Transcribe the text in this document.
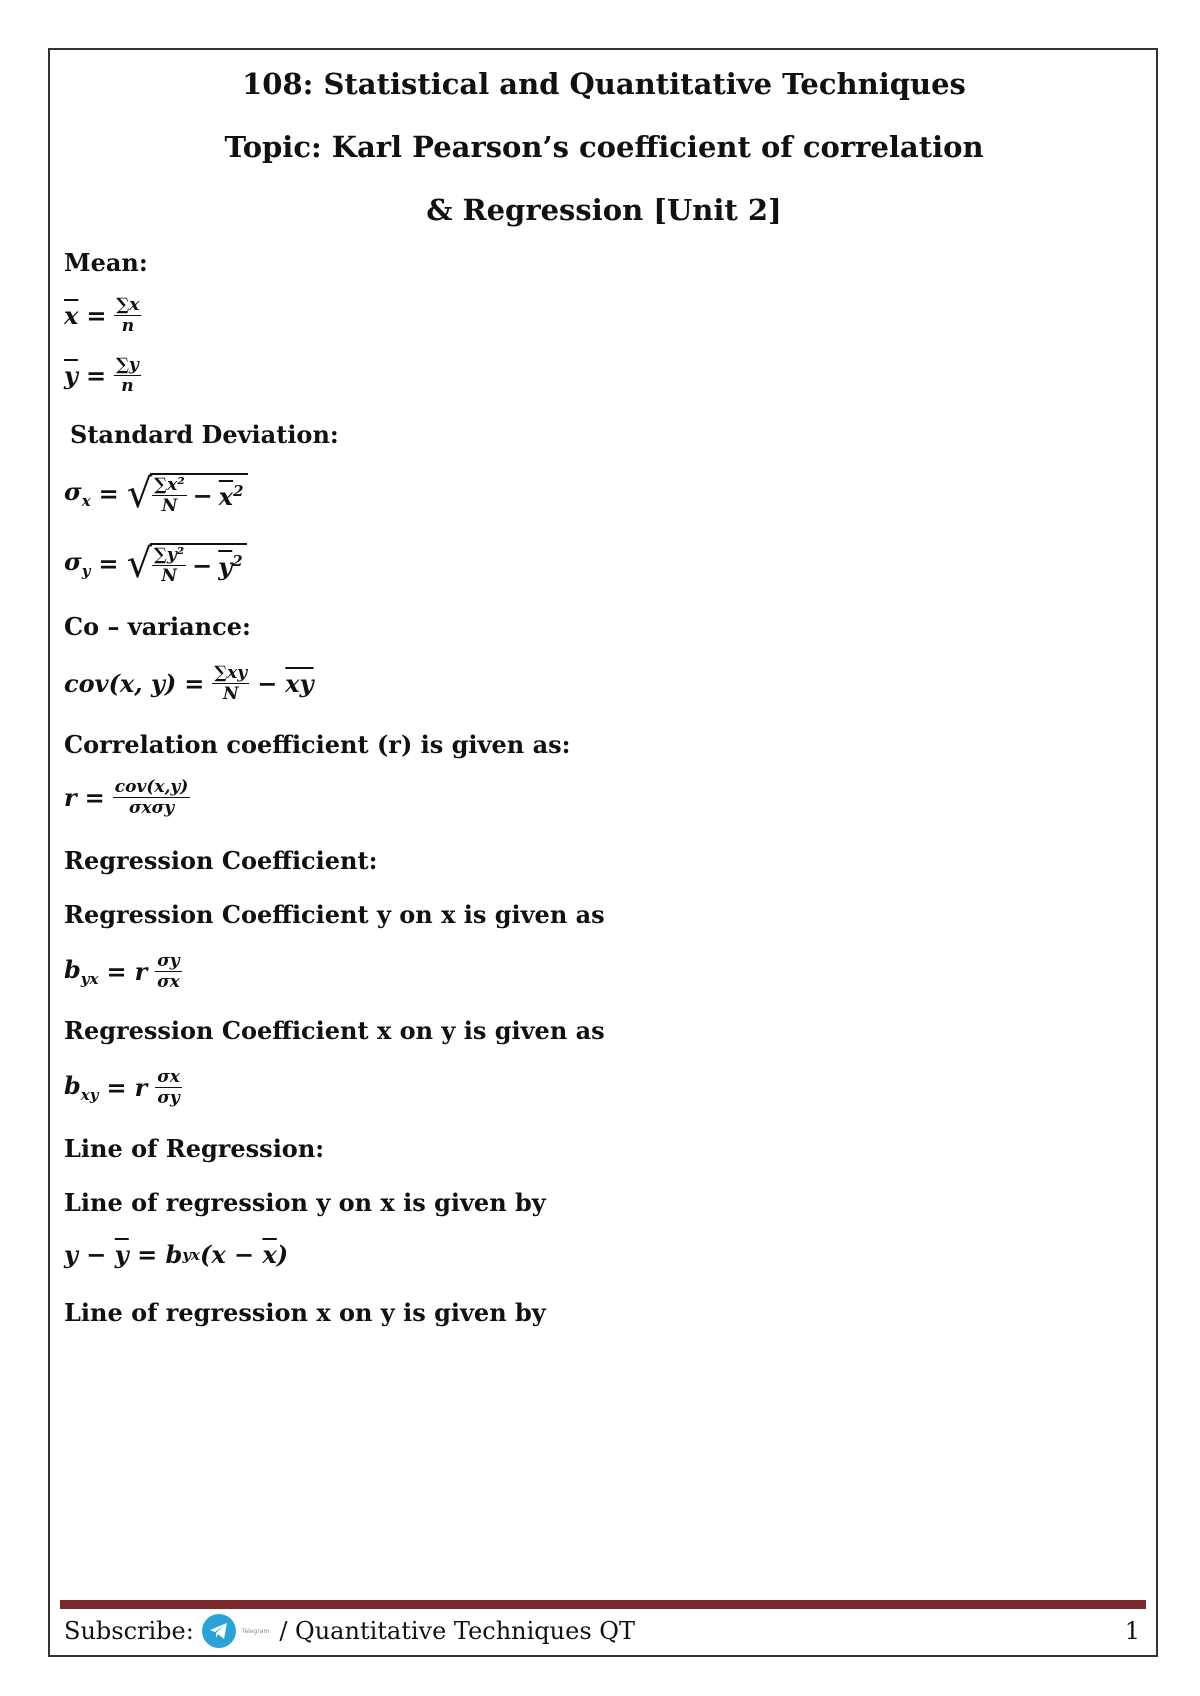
108: Statistical and Quantitative Techniques

Topic: Karl Pearson’s coefficient of correlation

& Regression [Unit 2]

Mean:

$\overline{x} = \frac{\sum x}{n}$
$\overline{y} = \frac{\sum y}{n}$

Standard Deviation:

$\sigma_x$ = √ $\frac{\text{∑x²}}{N} - \overline{x}^2$
$\sigma_y$ = √ $\frac{\text{∑y²}}{N} - \overline{y}^2$

Co – variance:

cov(x, $y) = \frac{\sum xy}{N} - \overline{xy}$

Correlation coefficient (r) is given as:

$r = \frac{\text{cov(x,y)}}{\text{σxσy}}$

Regression Coefficient:

Regression Coefficient y on x is given as

$b_{yx} = r \frac{\sigma y}{\sigma x}$

Regression Coefficient x on y is given as

$b_{xy} = r \frac{\sigma x}{\sigma y}$

Line of Regression:

Line of regression y on x is given by

$y - \overline{y} = b$ yx ($x - \overline{x}$ )

Line of regression x on y is given by

Subscribe:	Telegram / Quantitative Techniques QT	1
